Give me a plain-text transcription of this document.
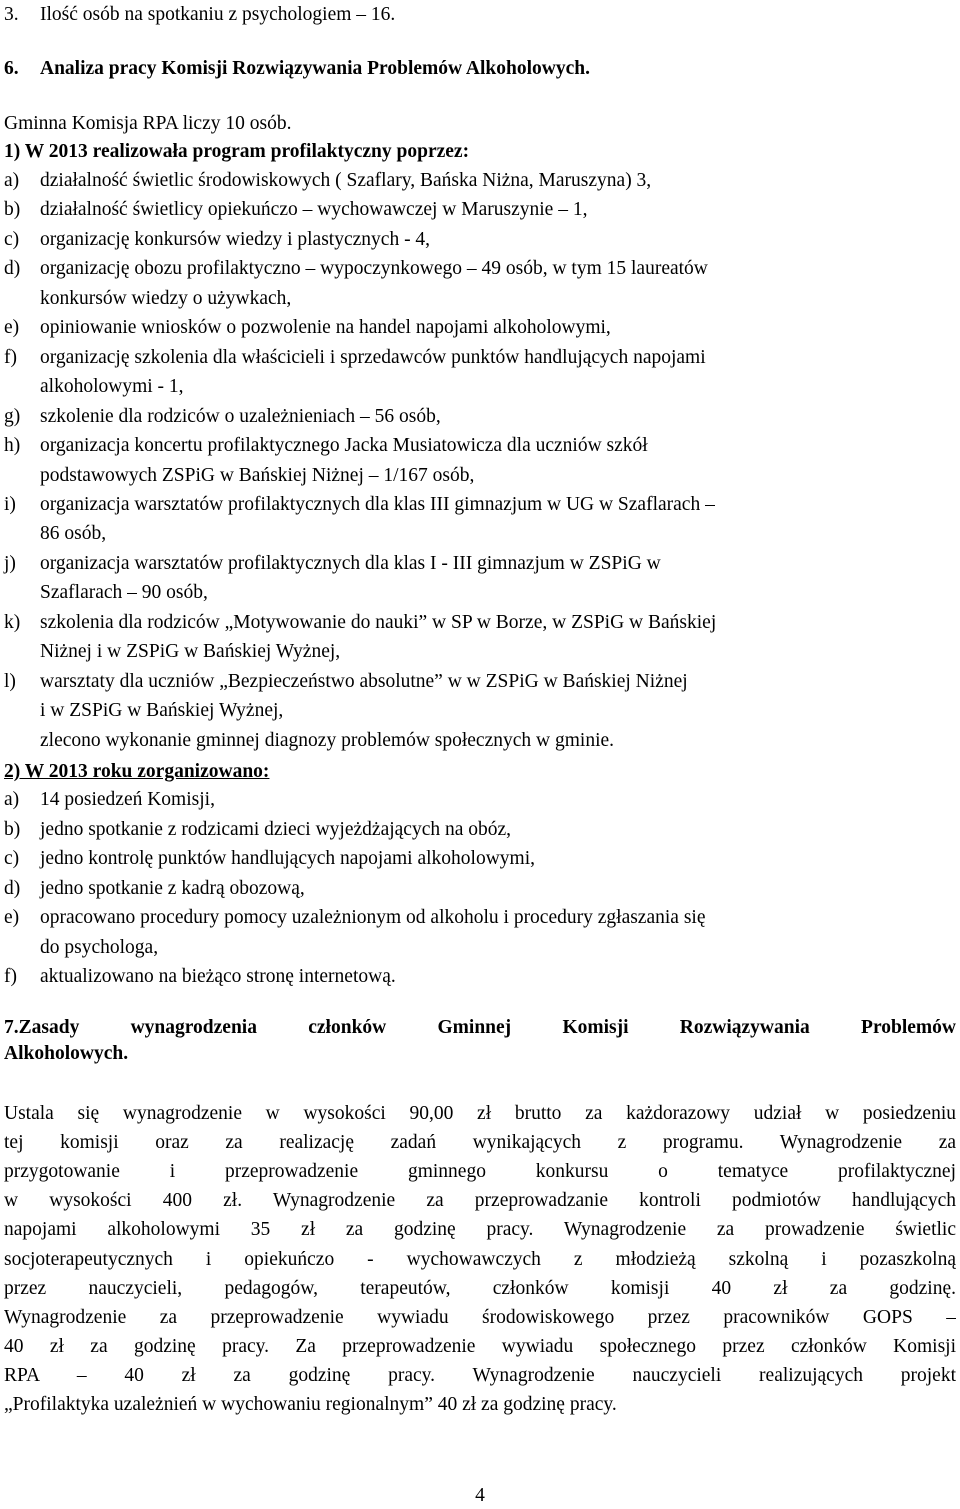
3. Ilość osób na spotkaniu z psychologiem – 16.
6. Analiza pracy Komisji Rozwiązywania Problemów Alkoholowych.
Gminna Komisja RPA liczy 10 osób.
1) W 2013 realizowała program profilaktyczny poprzez:
a) działalność świetlic środowiskowych ( Szaflary, Bańska Niżna, Maruszyna) 3,
b) działalność świetlicy opiekuńczo – wychowawczej w Maruszynie – 1,
c) organizację konkursów wiedzy i plastycznych - 4,
d) organizację obozu profilaktyczno – wypoczynkowego – 49 osób, w tym 15 laureatów
konkursów wiedzy o używkach,
e) opiniowanie wniosków o pozwolenie na handel napojami alkoholowymi,
f) organizację szkolenia dla właścicieli i sprzedawców punktów handlujących napojami
alkoholowymi - 1,
g) szkolenie dla rodziców o uzależnieniach – 56 osób,
h) organizacja koncertu profilaktycznego Jacka Musiatowicza dla uczniów szkół
podstawowych ZSPiG w Bańskiej Niżnej – 1/167 osób,
i) organizacja warsztatów profilaktycznych dla klas III gimnazjum w UG w Szaflarach –
86 osób,
j) organizacja warsztatów profilaktycznych dla klas I - III gimnazjum w ZSPiG w
Szaflarach – 90 osób,
k) szkolenia dla rodziców „Motywowanie do nauki” w SP w Borze, w ZSPiG w Bańskiej
Niżnej i w ZSPiG w Bańskiej Wyżnej,
l) warsztaty dla uczniów „Bezpieczeństwo absolutne” w w ZSPiG w Bańskiej Niżnej
i w ZSPiG w Bańskiej Wyżnej,
zlecono wykonanie gminnej diagnozy problemów społecznych w gminie.
2) W 2013 roku zorganizowano:
a) 14 posiedzeń Komisji,
b) jedno spotkanie z rodzicami dzieci wyjeżdżających na obóz,
c) jedno kontrolę punktów handlujących napojami alkoholowymi,
d) jedno spotkanie z kadrą obozową,
e) opracowano procedury pomocy uzależnionym od alkoholu i procedury zgłaszania się
do psychologa,
f) aktualizowano na bieżąco stronę internetową.
7.Zasady wynagrodzenia członków Gminnej Komisji Rozwiązywania Problemów
Alkoholowych.
Ustala się wynagrodzenie w wysokości 90,00 zł brutto za każdorazowy udział w posiedzeniu
tej komisji oraz za realizację zadań wynikających z programu. Wynagrodzenie za
przygotowanie i przeprowadzenie gminnego konkursu o tematyce profilaktycznej
w wysokości 400 zł. Wynagrodzenie za przeprowadzanie kontroli podmiotów handlujących
napojami alkoholowymi 35 zł za godzinę pracy. Wynagrodzenie za prowadzenie świetlic
socjoterapeutycznych i opiekuńczo - wychowawczych z młodzieżą szkolną i pozaszkolną
przez nauczycieli, pedagogów, terapeutów, członków komisji 40 zł za godzinę.
Wynagrodzenie za przeprowadzenie wywiadu środowiskowego przez pracowników GOPS –
40 zł za godzinę pracy. Za przeprowadzenie wywiadu społecznego przez członków Komisji
RPA – 40 zł za godzinę pracy. Wynagrodzenie nauczycieli realizujących projekt
„Profilaktyka uzależnień w wychowaniu regionalnym” 40 zł za godzinę pracy.
4
